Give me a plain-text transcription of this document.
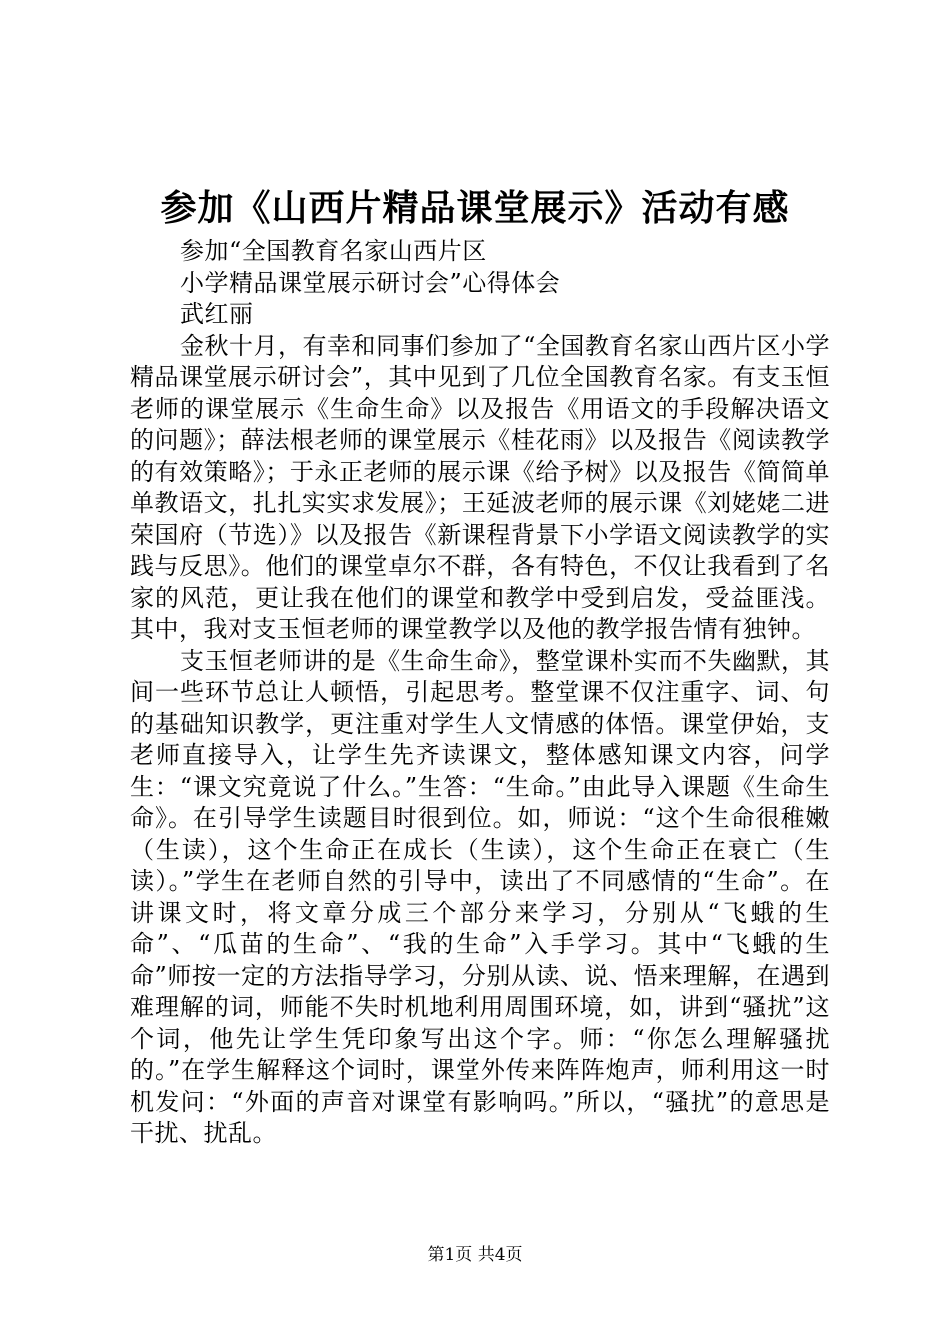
参加《山西片精品课堂展示》活动有感
参加“全国教育名家山西片区
小学精品课堂展示研讨会”心得体会
武红丽

金秋十月，有幸和同事们参加了“全国教育名家山西片区小学精品课堂展示研讨会”，其中见到了几位全国教育名家。有支玉恒老师的课堂展示《生命生命》以及报告《用语文的手段解决语文的问题》；薛法根老师的课堂展示《桂花雨》以及报告《阅读教学的有效策略》；于永正老师的展示课《给予树》以及报告《简简单单教语文，扎扎实实求发展》；王延波老师的展示课《刘姥姥二进荣国府（节选）》以及报告《新课程背景下小学语文阅读教学的实践与反思》。他们的课堂卓尔不群，各有特色，不仅让我看到了名家的风范，更让我在他们的课堂和教学中受到启发，受益匪浅。其中，我对支玉恒老师的课堂教学以及他的教学报告情有独钟。

支玉恒老师讲的是《生命生命》，整堂课朴实而不失幽默，其间一些环节总让人顿悟，引起思考。整堂课不仅注重字、词、句的基础知识教学，更注重对学生人文情感的体悟。课堂伊始，支老师直接导入，让学生先齐读课文，整体感知课文内容，问学生：“课文究竟说了什么。”生答：“生命。”由此导入课题《生命生命》。在引导学生读题目时很到位。如，师说：“这个生命很稚嫩（生读），这个生命正在成长（生读），这个生命正在衰亡（生读）。”学生在老师自然的引导中，读出了不同感情的“生命”。在讲课文时，将文章分成三个部分来学习，分别从“飞蛾的生命”、“瓜苗的生命”、“我的生命”入手学习。其中“飞蛾的生命”师按一定的方法指导学习，分别从读、说、悟来理解，在遇到难理解的词，师能不失时机地利用周围环境，如，讲到“骚扰”这个词，他先让学生凭印象写出这个字。师：“你怎么理解骚扰的。”在学生解释这个词时，课堂外传来阵阵炮声，师利用这一时机发问：“外面的声音对课堂有影响吗。”所以，“骚扰”的意思是干扰、扰乱。

第1页 共4页
